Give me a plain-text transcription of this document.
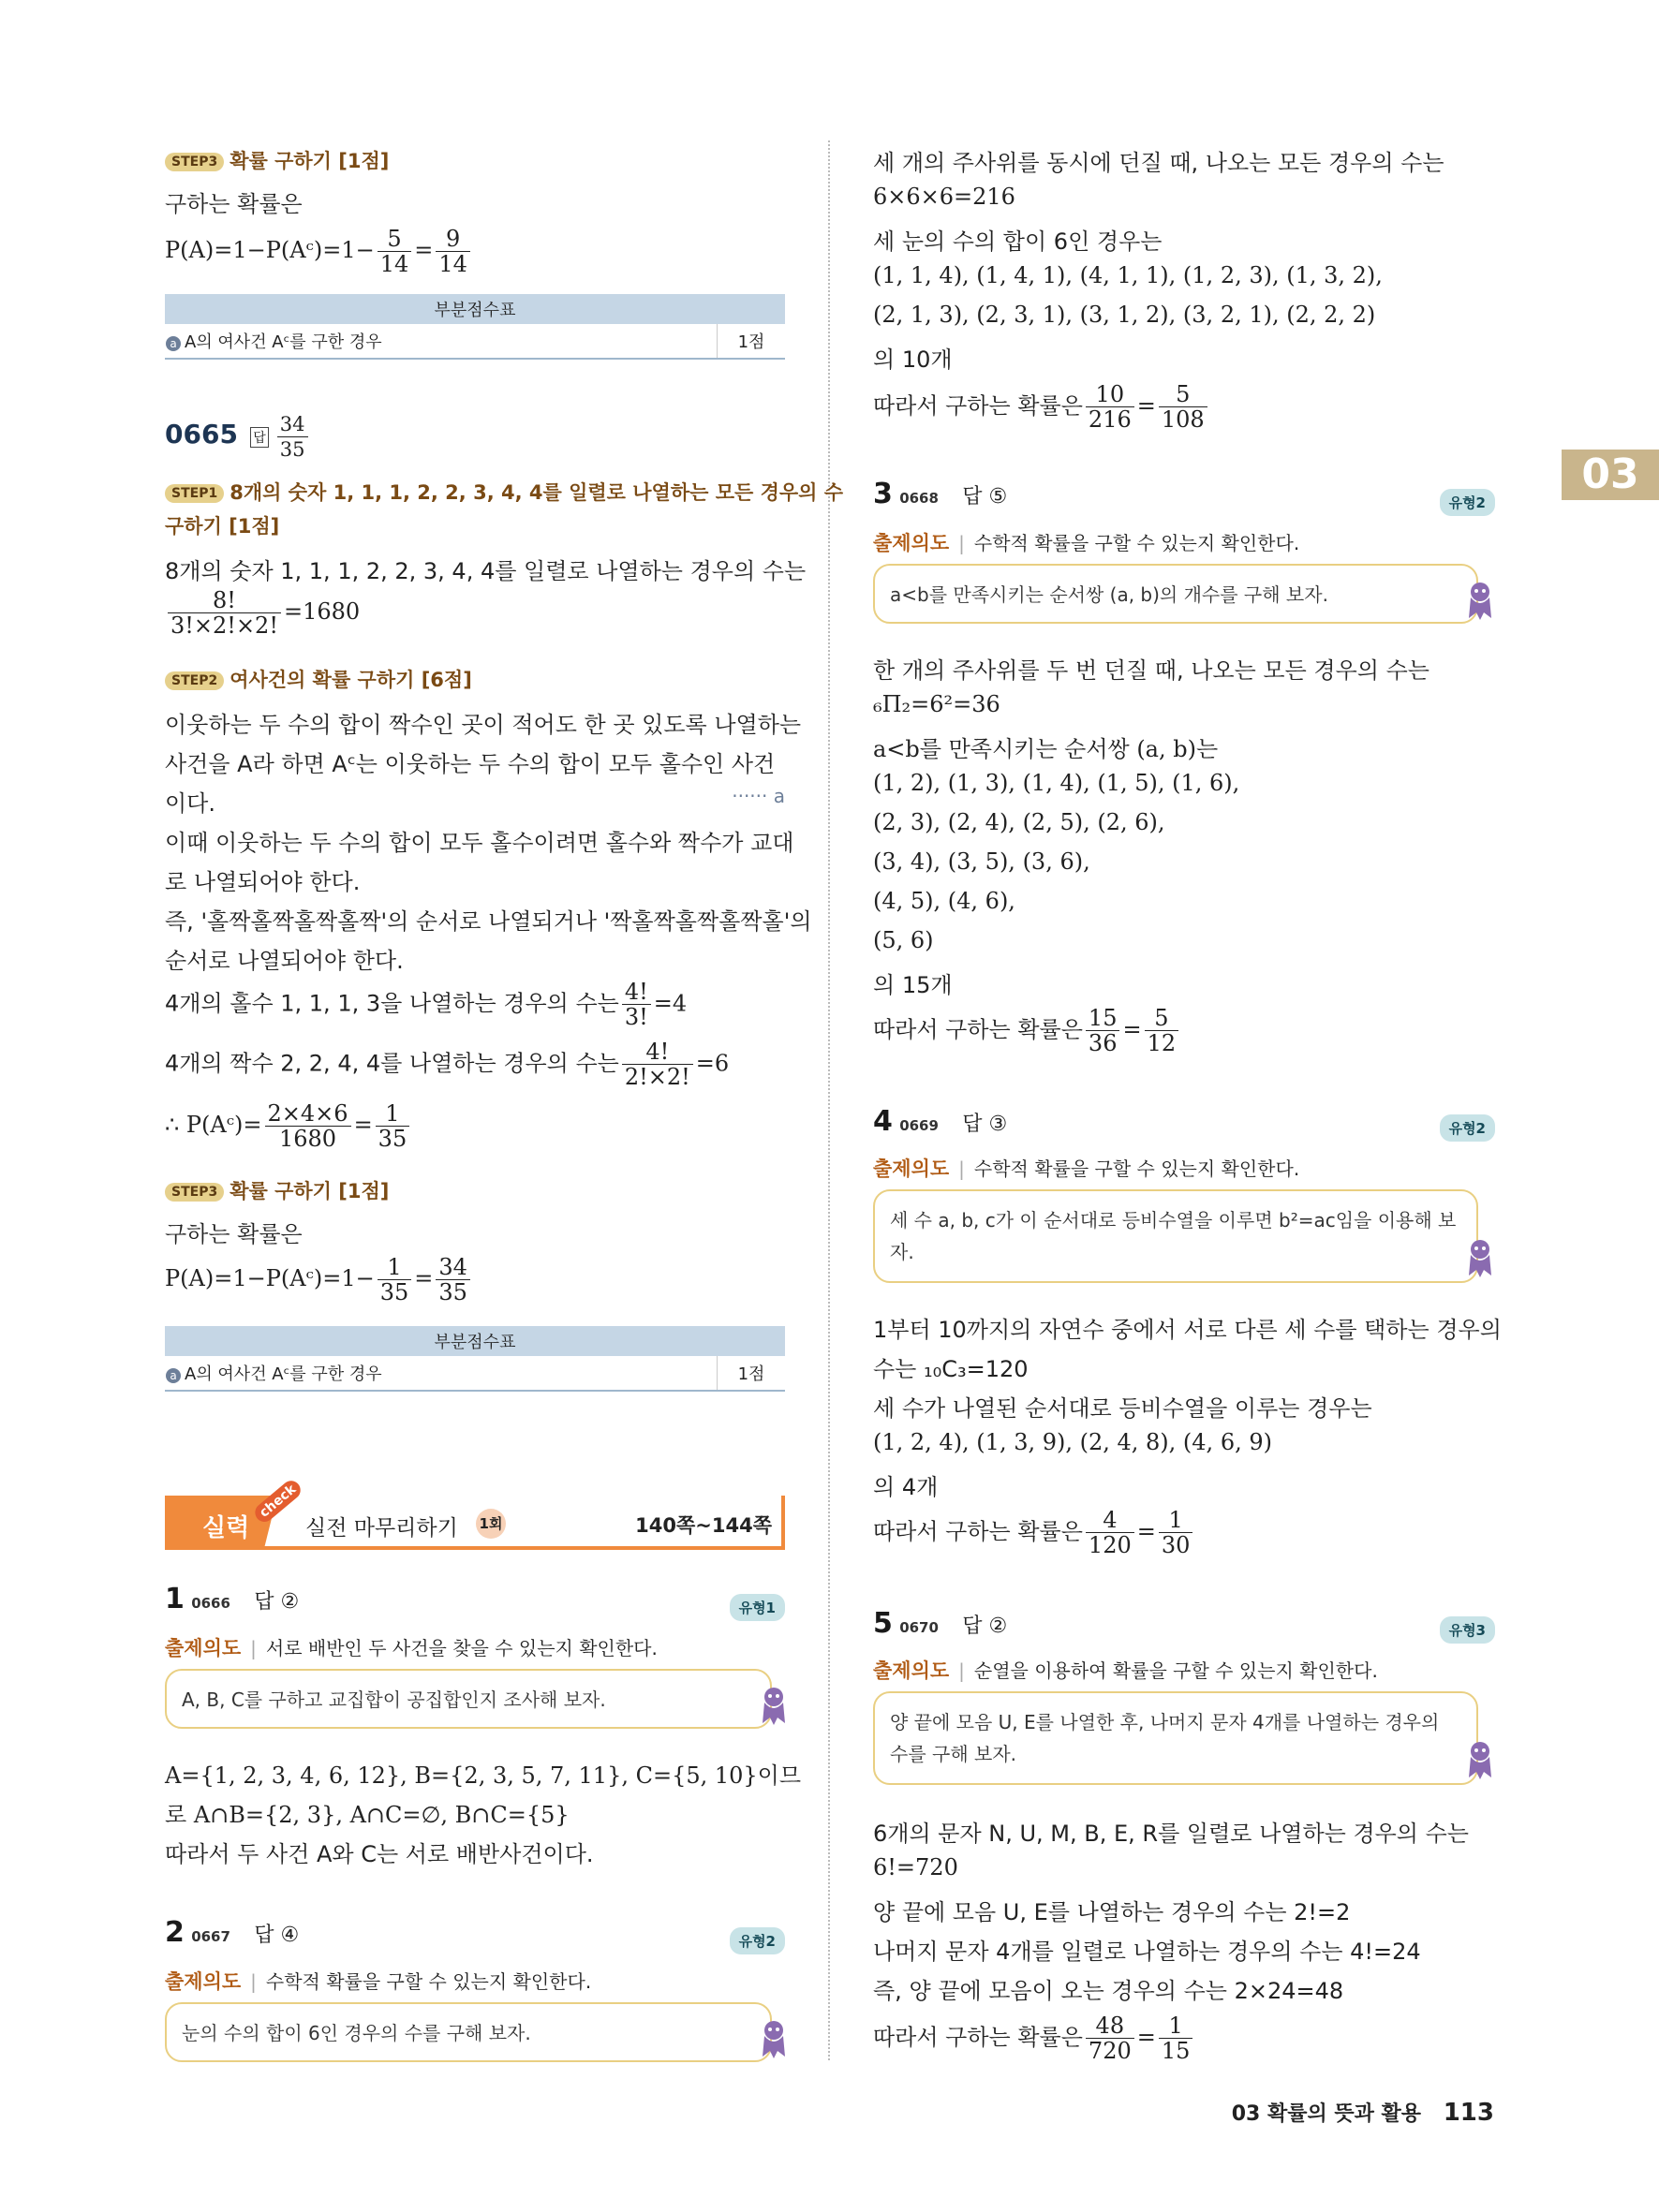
03
STEP3 확률 구하기 [1점]
구하는 확률은
P(A)=1−P(Aᶜ)=1− $\frac{5}{14} = \frac{9}{14}$
부분점수표
a A의 여사건 Aᶜ를 구한 경우	1점
0665 답 $\frac{34}{35}$
STEP1 8개의 숫자 1, 1, 1, 2, 2, 3, 4, 4를 일렬로 나열하는 모든 경우의 수
구하기 [1점]
8개의 숫자 1, 1, 1, 2, 2, 3, 4, 4를 일렬로 나열하는 경우의 수는
$\frac{8!}{3!\times 2!\times 2!} =1680$
STEP2 여사건의 확률 구하기 [6점]
이웃하는 두 수의 합이 짝수인 곳이 적어도 한 곳 있도록 나열하는
사건을 A라 하면 Aᶜ는 이웃하는 두 수의 합이 모두 홀수인 사건
이다.	······ a
이때 이웃하는 두 수의 합이 모두 홀수이려면 홀수와 짝수가 교대
로 나열되어야 한다.
즉, '홀짝홀짝홀짝홀짝'의 순서로 나열되거나 '짝홀짝홀짝홀짝홀'의
순서로 나열되어야 한다.
4개의 홀수 1, 1, 1, 3을 나열하는 경우의 수는 $\frac{4!}{3!} =4$
4개의 짝수 2, 2, 4, 4를 나열하는 경우의 수는 $\frac{4!}{2!\times 2!} =6$
∴ P(Aᶜ)= $\frac{2\times 4\times 6}{1680} = \frac{1}{35}$
STEP3 확률 구하기 [1점]
구하는 확률은
P(A)=1−P(Aᶜ)=1− $\frac{1}{35} = \frac{34}{35}$
부분점수표
a A의 여사건 Aᶜ를 구한 경우	1점
실력
check
실전 마무리하기 1회	140쪽~144쪽
1 0666 답 ②	유형1
출제의도 | 서로 배반인 두 사건을 찾을 수 있는지 확인한다.
A, B, C를 구하고 교집합이 공집합인지 조사해 보자.
A={1, 2, 3, 4, 6, 12}, B={2, 3, 5, 7, 11}, C={5, 10}이므
로 A∩B={2, 3}, A∩C=∅, B∩C={5}
따라서 두 사건 A와 C는 서로 배반사건이다.
2 0667 답 ④	유형2
출제의도 | 수학적 확률을 구할 수 있는지 확인한다.
눈의 수의 합이 6인 경우의 수를 구해 보자.
세 개의 주사위를 동시에 던질 때, 나오는 모든 경우의 수는
6×6×6=216
세 눈의 수의 합이 6인 경우는
(1, 1, 4), (1, 4, 1), (4, 1, 1), (1, 2, 3), (1, 3, 2),
(2, 1, 3), (2, 3, 1), (3, 1, 2), (3, 2, 1), (2, 2, 2)
의 10개
따라서 구하는 확률은 $\frac{10}{216} = \frac{5}{108}$
3 0668 답 ⑤	유형2
출제의도 | 수학적 확률을 구할 수 있는지 확인한다.
a<b를 만족시키는 순서쌍 (a, b)의 개수를 구해 보자.
한 개의 주사위를 두 번 던질 때, 나오는 모든 경우의 수는
₆Π₂=6²=36
a<b를 만족시키는 순서쌍 (a, b)는
(1, 2), (1, 3), (1, 4), (1, 5), (1, 6),
(2, 3), (2, 4), (2, 5), (2, 6),
(3, 4), (3, 5), (3, 6),
(4, 5), (4, 6),
(5, 6)
의 15개
따라서 구하는 확률은 $\frac{15}{36} = \frac{5}{12}$
4 0669 답 ③	유형2
출제의도 | 수학적 확률을 구할 수 있는지 확인한다.
세 수 a, b, c가 이 순서대로 등비수열을 이루면 b²=ac임을 이용해 보자.
1부터 10까지의 자연수 중에서 서로 다른 세 수를 택하는 경우의
수는 ₁₀C₃=120
세 수가 나열된 순서대로 등비수열을 이루는 경우는
(1, 2, 4), (1, 3, 9), (2, 4, 8), (4, 6, 9)
의 4개
따라서 구하는 확률은 $\frac{4}{120} = \frac{1}{30}$
5 0670 답 ②	유형3
출제의도 | 순열을 이용하여 확률을 구할 수 있는지 확인한다.
양 끝에 모음 U, E를 나열한 후, 나머지 문자 4개를 나열하는 경우의 수를 구해 보자.
6개의 문자 N, U, M, B, E, R를 일렬로 나열하는 경우의 수는
6!=720
양 끝에 모음 U, E를 나열하는 경우의 수는 2!=2
나머지 문자 4개를 일렬로 나열하는 경우의 수는 4!=24
즉, 양 끝에 모음이 오는 경우의 수는 2×24=48
따라서 구하는 확률은 $\frac{48}{720} = \frac{1}{15}$
03 확률의 뜻과 활용 113
